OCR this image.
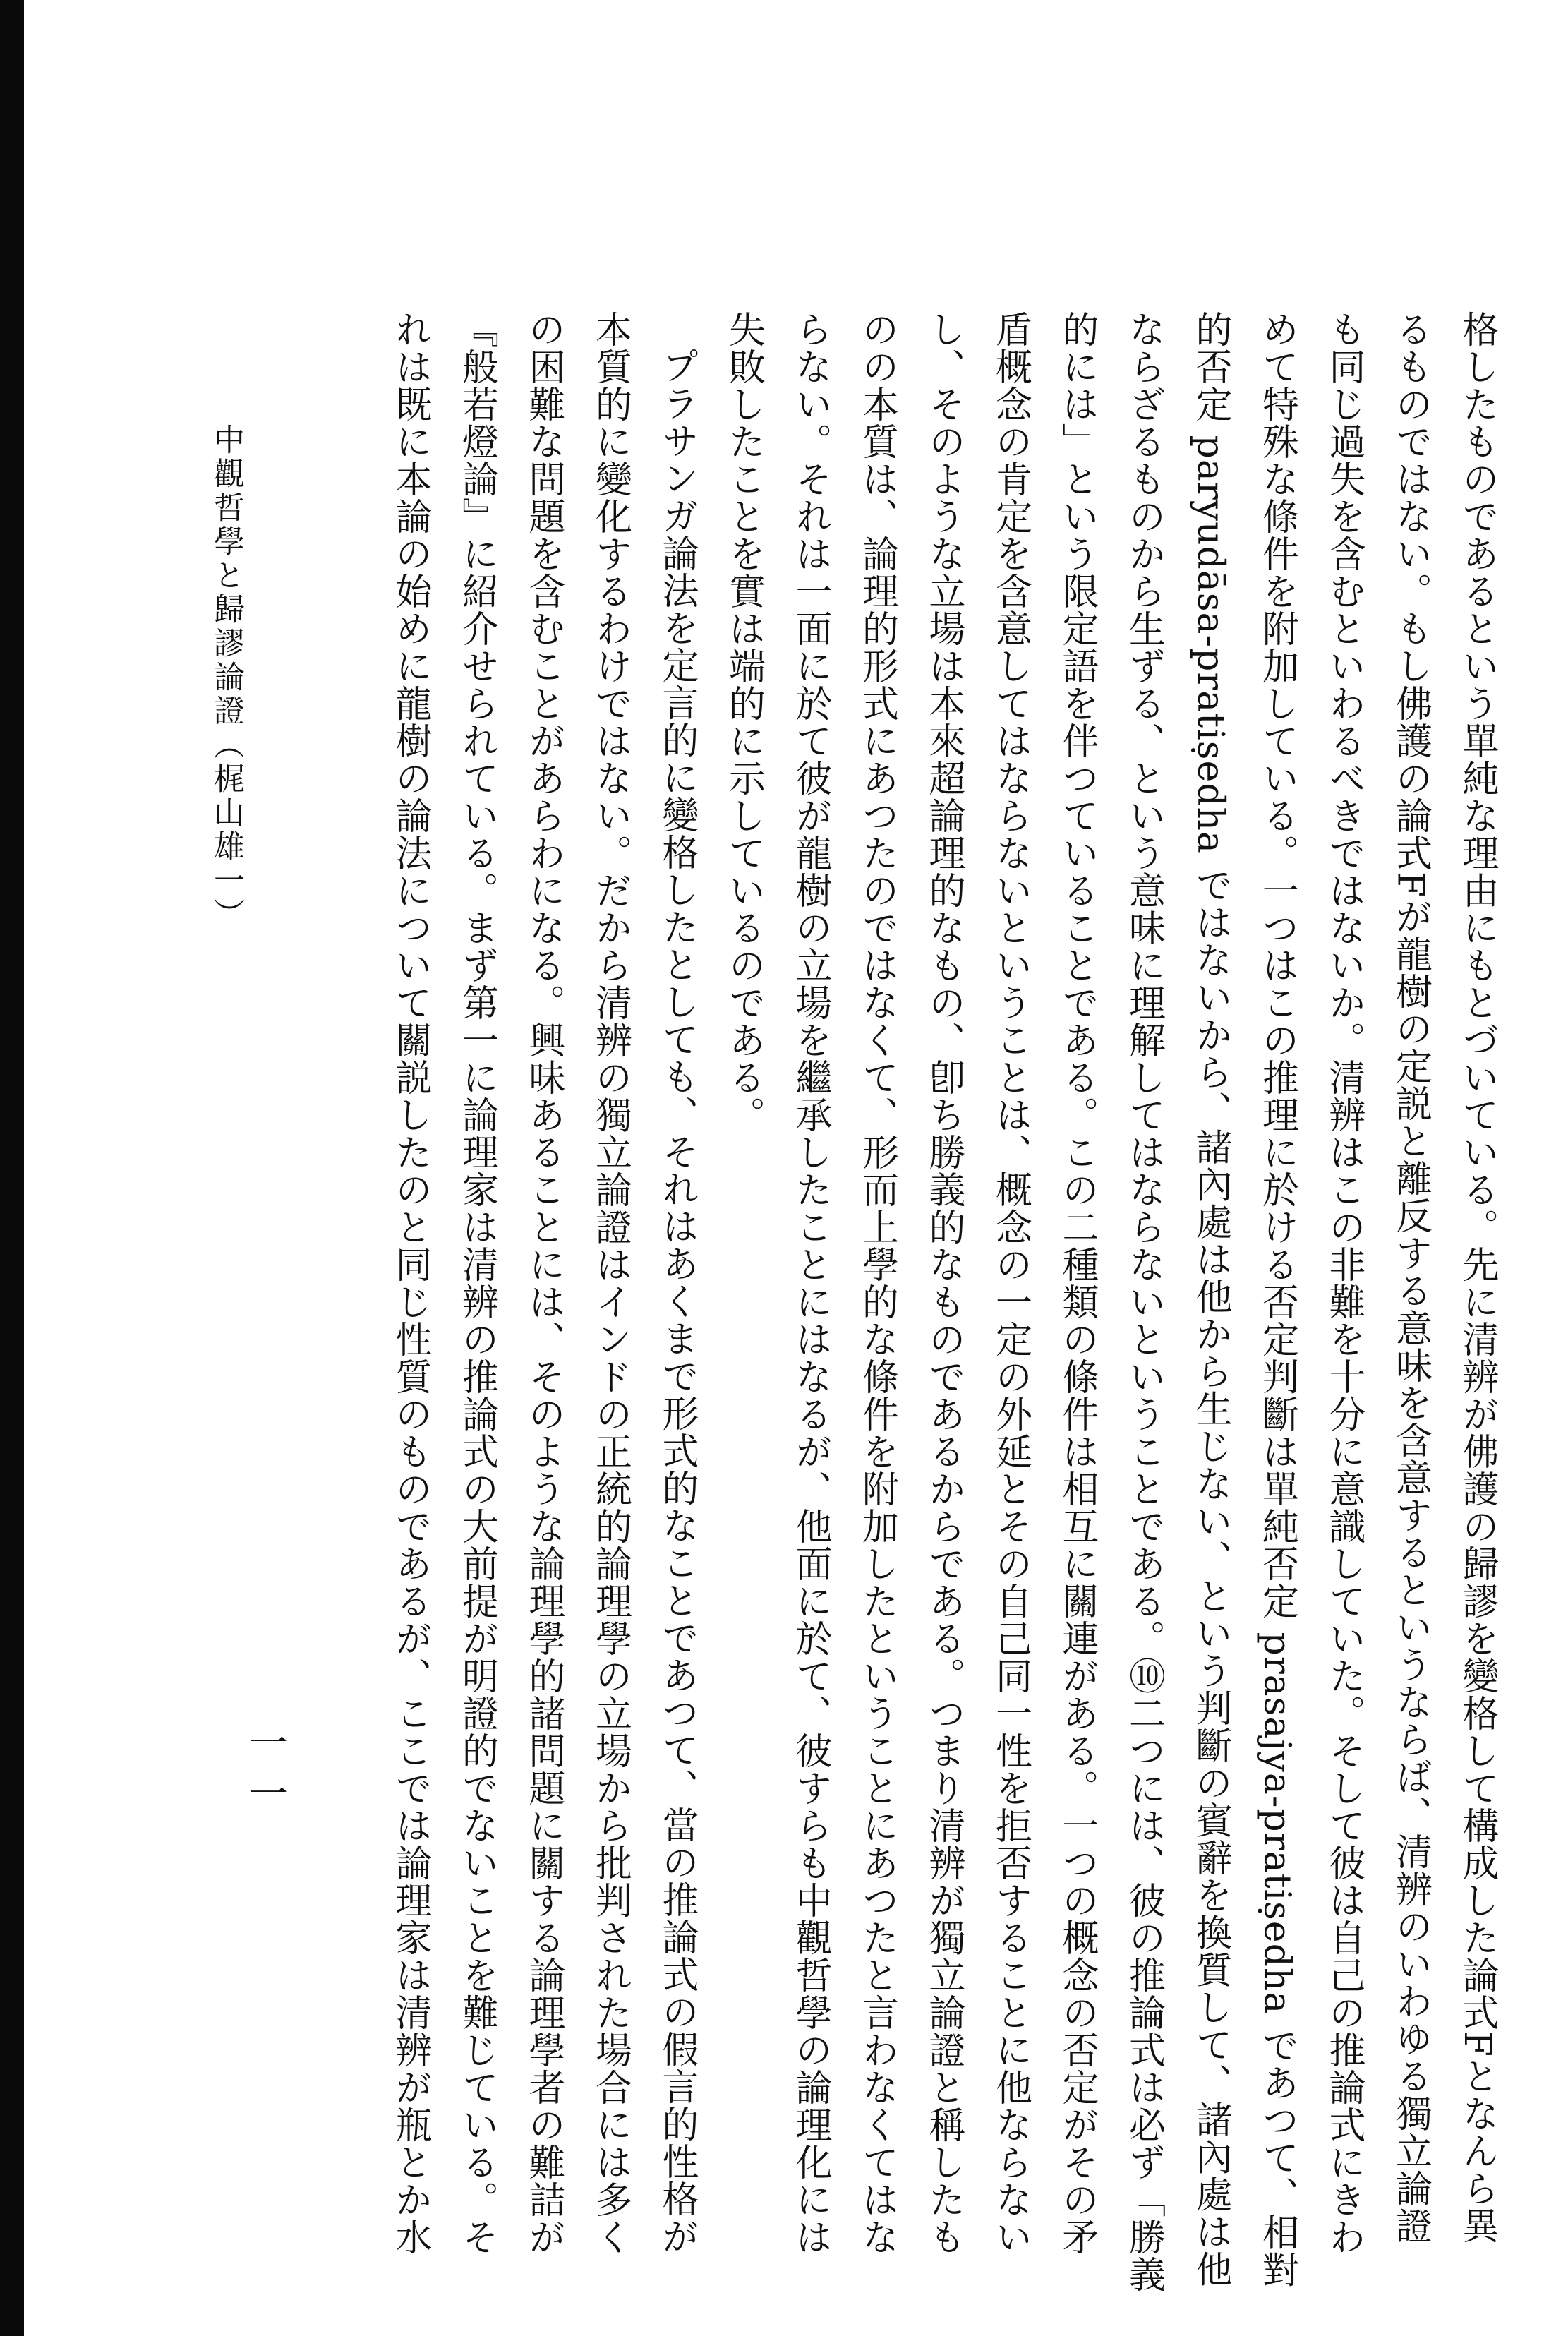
格したものであるという單純な理由にもとづいている。先に清辨が佛護の歸謬を變格して構成した論式Fとなんら異

るものではない。もし佛護の論式Fが龍樹の定説と離反する意味を含意するというならば、清辨のいわゆる獨立論證

も同じ過失を含むといわるべきではないか。清辨はこの非難を十分に意識していた。そして彼は自己の推論式にきわ

めて特殊な條件を附加している。一つはこの推理に於ける否定判斷は單純否定 prasajya-pratiṣedha であつて、相對

的否定 paryudāsa-pratiṣedha ではないから、諸內處は他から生じない、という判斷の賓辭を換質して、諸內處は他

ならざるものから生ずる、という意味に理解してはならないということである。⑩二つには、彼の推論式は必ず「勝義

的には」という限定語を伴つていることである。この二種類の條件は相互に關連がある。一つの概念の否定がその矛

盾概念の肯定を含意してはならないということは、概念の一定の外延とその自己同一性を拒否することに他ならない

し、そのような立場は本來超論理的なもの、卽ち勝義的なものであるからである。つまり清辨が獨立論證と稱したも

のの本質は、論理的形式にあつたのではなくて、形而上學的な條件を附加したということにあつたと言わなくてはな

らない。それは一面に於て彼が龍樹の立場を繼承したことにはなるが、他面に於て、彼すらも中觀哲學の論理化には

失敗したことを實は端的に示しているのである。

プラサンガ論法を定言的に變格したとしても、それはあくまで形式的なことであつて、當の推論式の假言的性格が

本質的に變化するわけではない。だから清辨の獨立論證はインドの正統的論理學の立場から批判された場合には多く

の困難な問題を含むことがあらわになる。興味あることには、そのような論理學的諸問題に關する論理學者の難詰が

『般若燈論』に紹介せられている。まず第一に論理家は清辨の推論式の大前提が明證的でないことを難じている。そ

れは既に本論の始めに龍樹の論法について關説したのと同じ性質のものであるが、ここでは論理家は清辨が瓶とか水

中觀哲學と歸謬論證（梶山雄一）
一一
